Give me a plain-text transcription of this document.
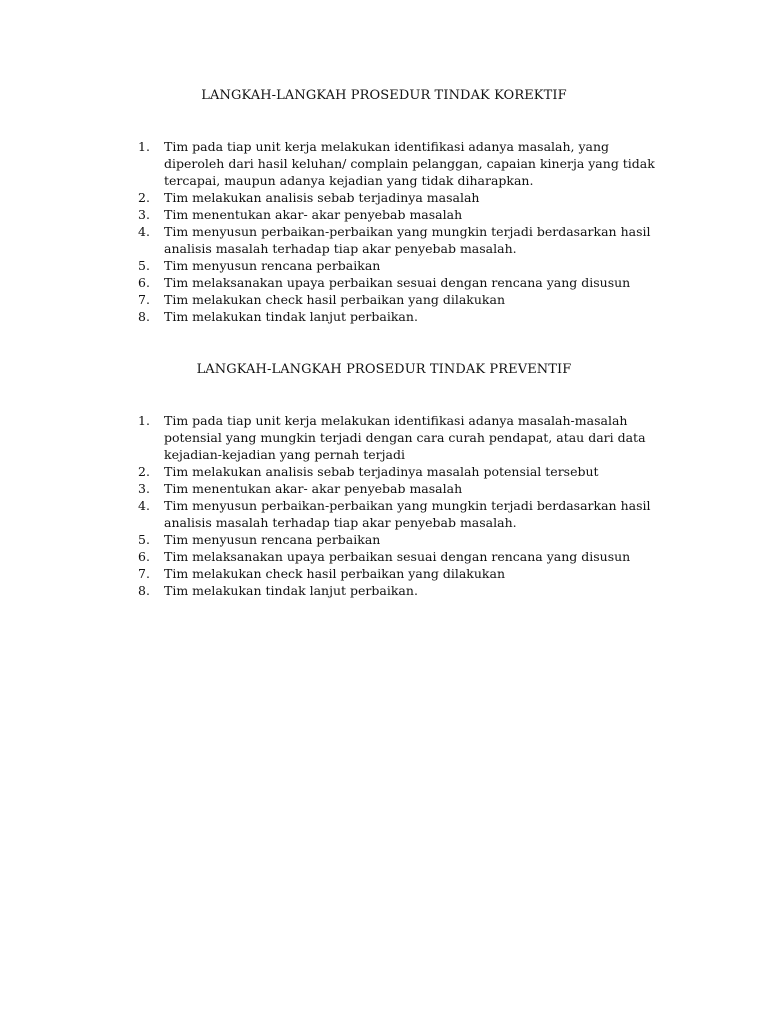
LANGKAH-LANGKAH PROSEDUR TINDAK KOREKTIF
1. Tim pada tiap unit kerja melakukan identifikasi adanya masalah, yang diperoleh dari hasil keluhan/ complain pelanggan, capaian kinerja yang tidak tercapai, maupun adanya kejadian yang tidak diharapkan.
2. Tim melakukan analisis sebab terjadinya masalah
3. Tim menentukan akar- akar penyebab masalah
4. Tim menyusun perbaikan-perbaikan yang mungkin terjadi berdasarkan hasil analisis masalah terhadap tiap akar penyebab masalah.
5. Tim menyusun rencana perbaikan
6. Tim melaksanakan upaya perbaikan sesuai dengan rencana yang disusun
7. Tim melakukan check hasil perbaikan yang dilakukan
8. Tim melakukan tindak lanjut perbaikan.
LANGKAH-LANGKAH PROSEDUR TINDAK PREVENTIF
1. Tim pada tiap unit kerja melakukan identifikasi adanya masalah-masalah potensial yang mungkin terjadi dengan cara curah pendapat, atau dari data kejadian-kejadian yang pernah terjadi
2. Tim melakukan analisis sebab terjadinya masalah potensial tersebut
3. Tim menentukan akar- akar penyebab masalah
4. Tim menyusun perbaikan-perbaikan yang mungkin terjadi berdasarkan hasil analisis masalah terhadap tiap akar penyebab masalah.
5. Tim menyusun rencana perbaikan
6. Tim melaksanakan upaya perbaikan sesuai dengan rencana yang disusun
7. Tim melakukan check hasil perbaikan yang dilakukan
8. Tim melakukan tindak lanjut perbaikan.
